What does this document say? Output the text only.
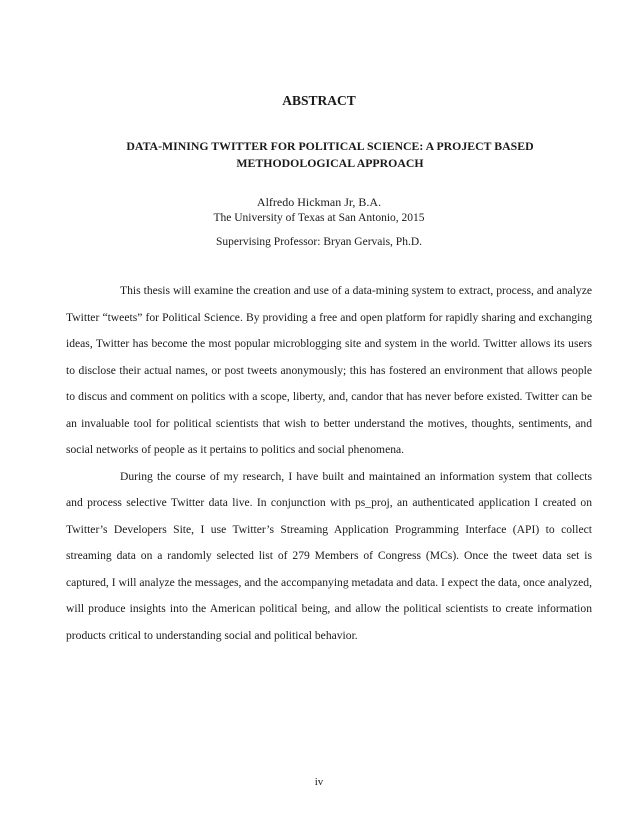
ABSTRACT
DATA-MINING TWITTER FOR POLITICAL SCIENCE: A PROJECT BASED METHODOLOGICAL APPROACH
Alfredo Hickman Jr, B.A.
The University of Texas at San Antonio, 2015
Supervising Professor: Bryan Gervais, Ph.D.

This thesis will examine the creation and use of a data-mining system to extract, process, and analyze Twitter “tweets” for Political Science. By providing a free and open platform for rapidly sharing and exchanging ideas, Twitter has become the most popular microblogging site and system in the world. Twitter allows its users to disclose their actual names, or post tweets anonymously; this has fostered an environment that allows people to discus and comment on politics with a scope, liberty, and, candor that has never before existed. Twitter can be an invaluable tool for political scientists that wish to better understand the motives, thoughts, sentiments, and social networks of people as it pertains to politics and social phenomena.

During the course of my research, I have built and maintained an information system that collects and process selective Twitter data live. In conjunction with ps_proj, an authenticated application I created on Twitter’s Developers Site, I use Twitter’s Streaming Application Programming Interface (API) to collect streaming data on a randomly selected list of 279 Members of Congress (MCs). Once the tweet data set is captured, I will analyze the messages, and the accompanying metadata and data. I expect the data, once analyzed, will produce insights into the American political being, and allow the political scientists to create information products critical to understanding social and political behavior.

iv
